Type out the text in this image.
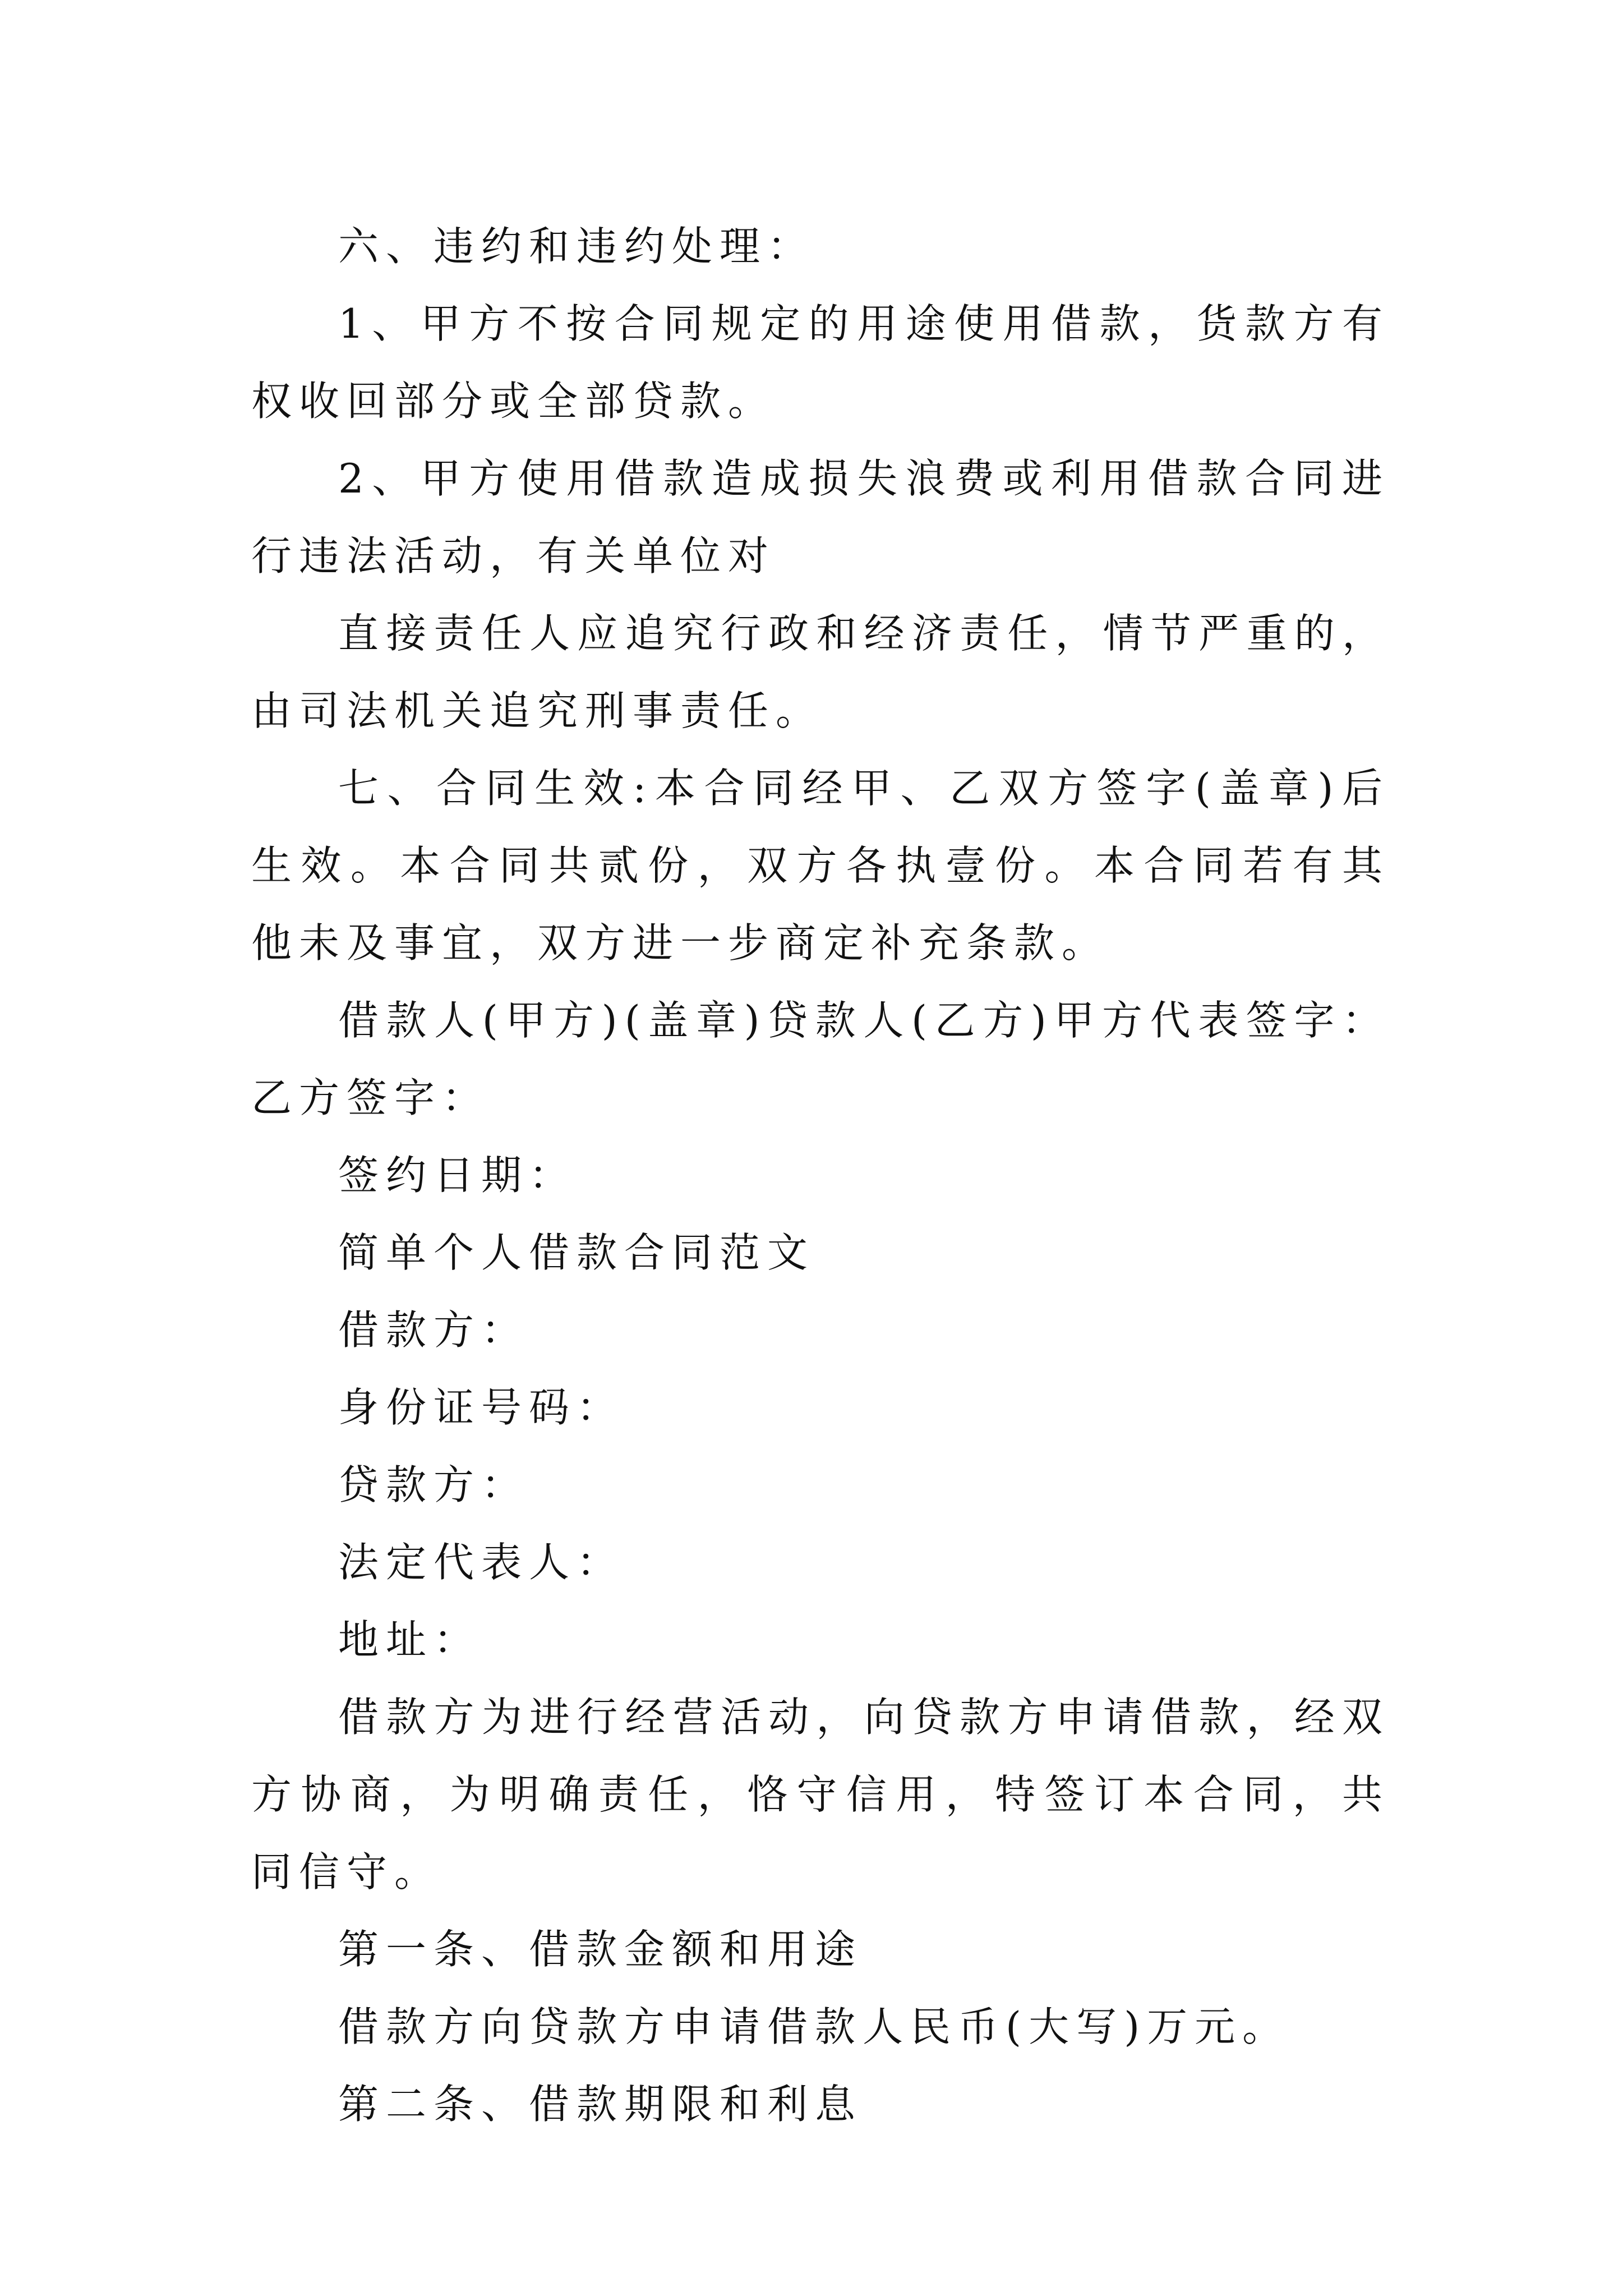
六、违约和违约处理：

1、甲方不按合同规定的用途使用借款，货款方有权收回部分或全部贷款。

2、甲方使用借款造成损失浪费或利用借款合同进行违法活动，有关单位对

直接责任人应追究行政和经济责任，情节严重的，由司法机关追究刑事责任。

七、合同生效:本合同经甲、乙双方签字(盖章)后生效。本合同共贰份，双方各执壹份。本合同若有其他未及事宜，双方进一步商定补充条款。

借款人(甲方)(盖章)贷款人(乙方)甲方代表签字：乙方签字：

签约日期：

简单个人借款合同范文

借款方：

身份证号码：

贷款方：

法定代表人：

地址：

借款方为进行经营活动，向贷款方申请借款，经双方协商，为明确责任，恪守信用，特签订本合同，共同信守。

第一条、借款金额和用途

借款方向贷款方申请借款人民币(大写)万元。

第二条、借款期限和利息
